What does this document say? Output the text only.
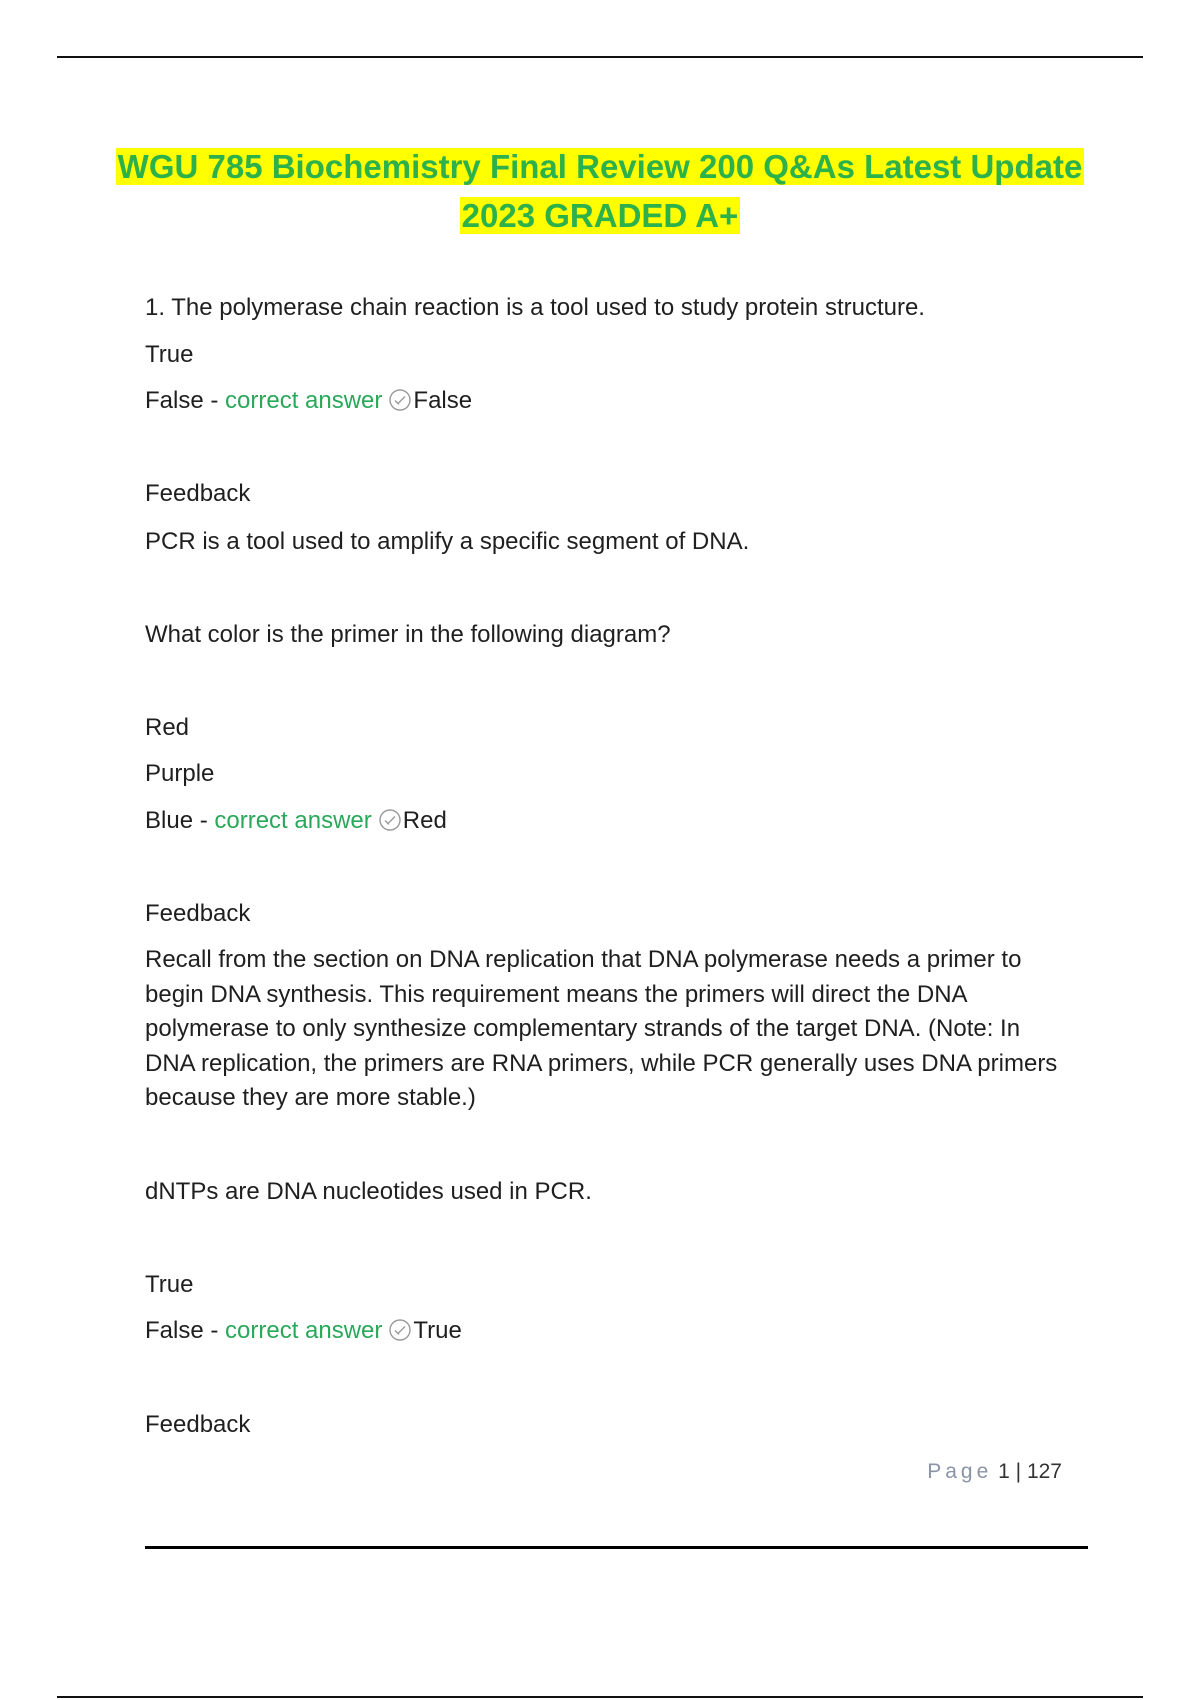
WGU 785 Biochemistry Final Review 200 Q&As Latest Update 2023 GRADED A+
1. The polymerase chain reaction is a tool used to study protein structure.
True
False - correct answer False
Feedback
PCR is a tool used to amplify a specific segment of DNA.
What color is the primer in the following diagram?
Red
Purple
Blue - correct answer Red
Feedback
Recall from the section on DNA replication that DNA polymerase needs a primer to begin DNA synthesis. This requirement means the primers will direct the DNA polymerase to only synthesize complementary strands of the target DNA. (Note: In DNA replication, the primers are RNA primers, while PCR generally uses DNA primers because they are more stable.)
dNTPs are DNA nucleotides used in PCR.
True
False - correct answer True
Feedback
Page 1 | 127
